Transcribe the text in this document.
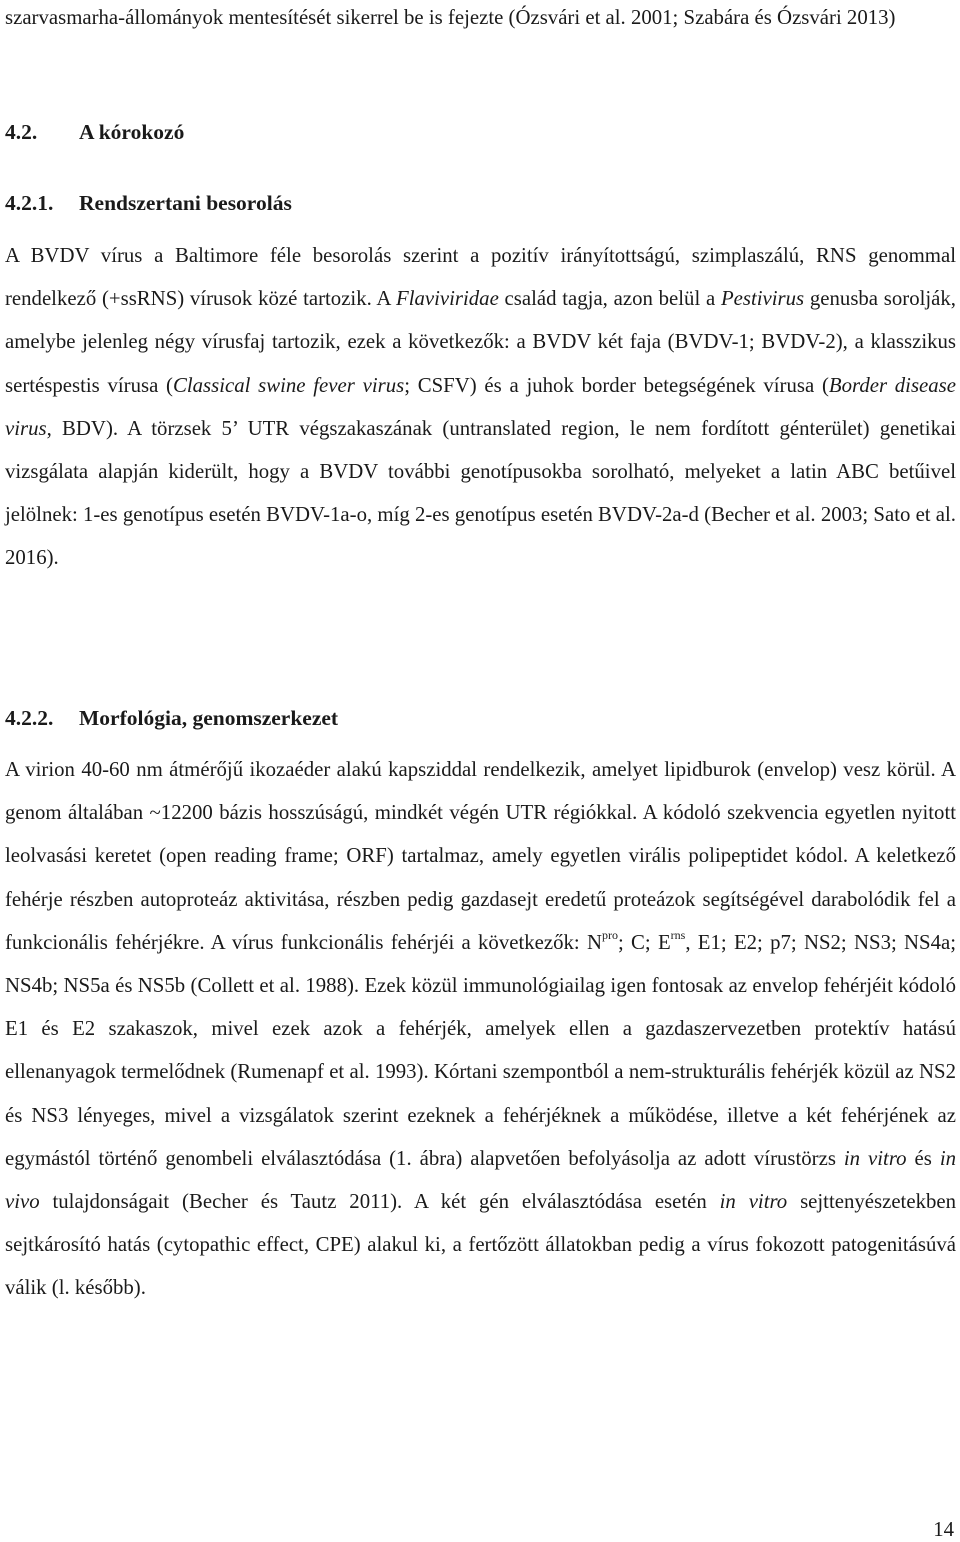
szarvasmarha-állományok mentesítését sikerrel be is fejezte (Ózsvári et al. 2001; Szabára és Ózsvári 2013)

4.2. A kórokozó
4.2.1. Rendszertani besorolás

A BVDV vírus a Baltimore féle besorolás szerint a pozitív irányítottságú, szimplaszálú, RNS genommal rendelkező (+ssRNS) vírusok közé tartozik. A Flaviviridae család tagja, azon belül a Pestivirus genusba sorolják, amelybe jelenleg négy vírusfaj tartozik, ezek a következők: a BVDV két faja (BVDV-1; BVDV-2), a klasszikus sertéspestis vírusa (Classical swine fever virus; CSFV) és a juhok border betegségének vírusa (Border disease virus, BDV). A törzsek 5’ UTR végszakaszának (untranslated region, le nem fordított génterület) genetikai vizsgálata alapján kiderült, hogy a BVDV további genotípusokba sorolható, melyeket a latin ABC betűivel jelölnek: 1-es genotípus esetén BVDV-1a-o, míg 2-es genotípus esetén BVDV-2a-d (Becher et al. 2003; Sato et al. 2016).

4.2.2. Morfológia, genomszerkezet

A virion 40-60 nm átmérőjű ikozaéder alakú kapsziddal rendelkezik, amelyet lipidburok (envelop) vesz körül. A genom általában ~12200 bázis hosszúságú, mindkét végén UTR régiókkal. A kódoló szekvencia egyetlen nyitott leolvasási keretet (open reading frame; ORF) tartalmaz, amely egyetlen virális polipeptidet kódol. A keletkező fehérje részben autoproteáz aktivitása, részben pedig gazdasejt eredetű proteázok segítségével darabolódik fel a funkcionális fehérjékre. A vírus funkcionális fehérjéi a következők: $N^{pro}$; C; $E^{rns}$, E1; E2; p7; NS2; NS3; NS4a; NS4b; NS5a és NS5b (Collett et al. 1988). Ezek közül immunológiailag igen fontosak az envelop fehérjéit kódoló E1 és E2 szakaszok, mivel ezek azok a fehérjék, amelyek ellen a gazdaszervezetben protektív hatású ellenanyagok termelődnek (Rumenapf et al. 1993). Kórtani szempontból a nem-strukturális fehérjék közül az NS2 és NS3 lényeges, mivel a vizsgálatok szerint ezeknek a fehérjéknek a működése, illetve a két fehérjének az egymástól történő genombeli elválasztódása (1. ábra) alapvetően befolyásolja az adott vírustörzs in vitro és in vivo tulajdonságait (Becher és Tautz 2011). A két gén elválasztódása esetén in vitro sejttenyészetekben sejtkárosító hatás (cytopathic effect, CPE) alakul ki, a fertőzött állatokban pedig a vírus fokozott patogenitásúvá válik (l. később).

14
